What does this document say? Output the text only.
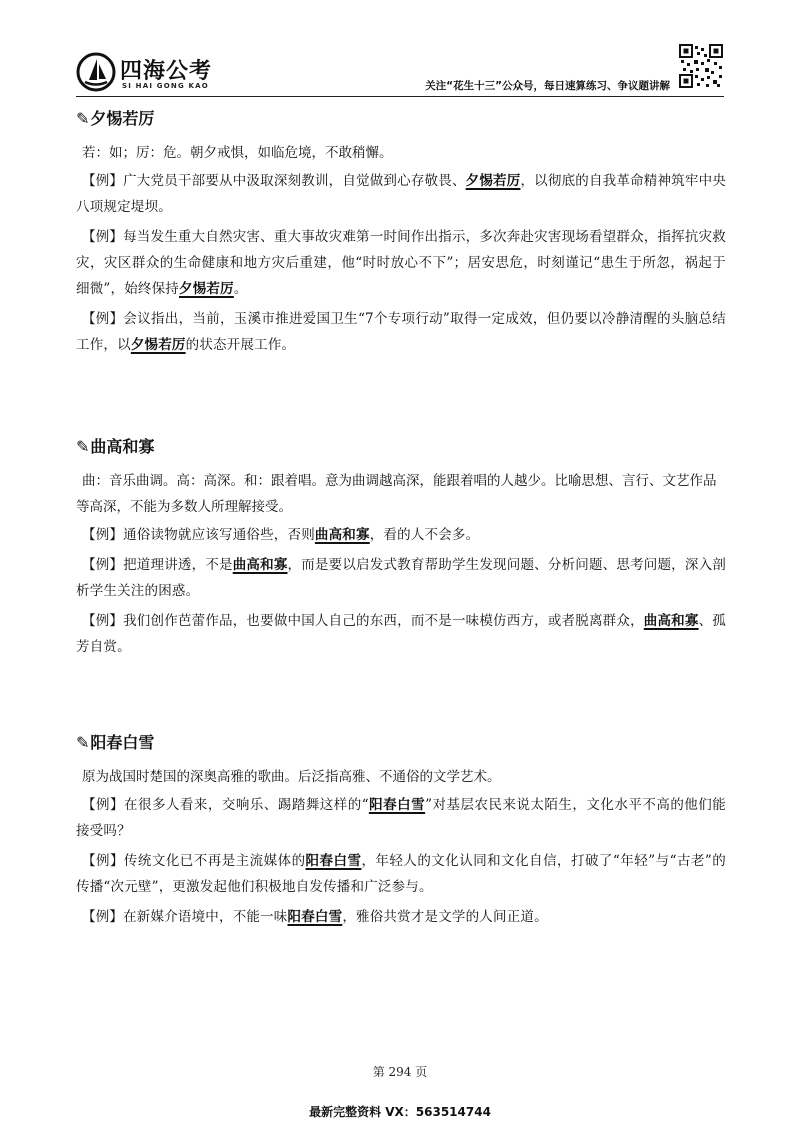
四海公考
SI HAI GONG KAO	关注“花生十三”公众号，每日速算练习、争议题讲解
✎夕惕若厉

若：如；厉：危。朝夕戒惧，如临危境，不敢稍懈。

【例】广大党员干部要从中汲取深刻教训，自觉做到心存敬畏、夕惕若厉，以彻底的自我革命精神筑牢中央八项规定堤坝。

【例】每当发生重大自然灾害、重大事故灾难第一时间作出指示，多次奔赴灾害现场看望群众，指挥抗灾救灾，灾区群众的生命健康和地方灾后重建，他“时时放心不下”；居安思危，时刻谨记“患生于所忽，祸起于细微”，始终保持夕惕若厉。

【例】会议指出，当前，玉溪市推进爱国卫生“7个专项行动”取得一定成效，但仍要以冷静清醒的头脑总结工作，以夕惕若厉的状态开展工作。

✎曲高和寡

曲：音乐曲调。高：高深。和：跟着唱。意为曲调越高深，能跟着唱的人越少。比喻思想、言行、文艺作品等高深，不能为多数人所理解接受。

【例】通俗读物就应该写通俗些，否则曲高和寡，看的人不会多。

【例】把道理讲透，不是曲高和寡，而是要以启发式教育帮助学生发现问题、分析问题、思考问题，深入剖析学生关注的困惑。

【例】我们创作芭蕾作品，也要做中国人自己的东西，而不是一味模仿西方，或者脱离群众，曲高和寡、孤芳自赏。

✎阳春白雪

原为战国时楚国的深奥高雅的歌曲。后泛指高雅、不通俗的文学艺术。

【例】在很多人看来，交响乐、踢踏舞这样的“阳春白雪”对基层农民来说太陌生，文化水平不高的他们能接受吗？

【例】传统文化已不再是主流媒体的阳春白雪，年轻人的文化认同和文化自信，打破了“年轻”与“古老”的传播“次元壁”，更激发起他们积极地自发传播和广泛参与。

【例】在新媒介语境中，不能一味阳春白雪，雅俗共赏才是文学的人间正道。

第 294 页
最新完整资料 VX：563514744
